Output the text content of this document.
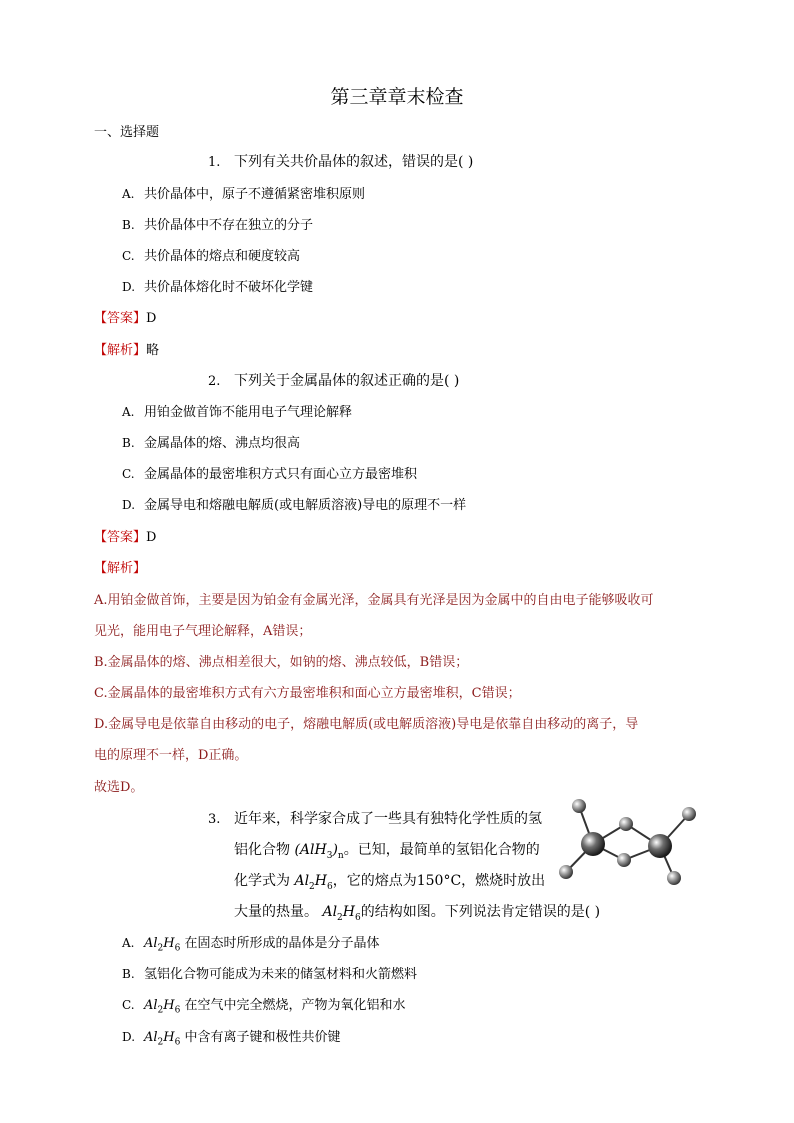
第三章章末检查
一、选择题
1. 下列有关共价晶体的叙述，错误的是( )
A. 共价晶体中，原子不遵循紧密堆积原则
B. 共价晶体中不存在独立的分子
C. 共价晶体的熔点和硬度较高
D. 共价晶体熔化时不破坏化学键
【答案】D
【解析】略
2. 下列关于金属晶体的叙述正确的是( )
A. 用铂金做首饰不能用电子气理论解释
B. 金属晶体的熔、沸点均很高
C. 金属晶体的最密堆积方式只有面心立方最密堆积
D. 金属导电和熔融电解质(或电解质溶液)导电的原理不一样
【答案】D
【解析】
A.用铂金做首饰，主要是因为铂金有金属光泽，金属具有光泽是因为金属中的自由电子能够吸收可
见光，能用电子气理论解释，A错误；
B.金属晶体的熔、沸点相差很大，如钠的熔、沸点较低，B错误；
C.金属晶体的最密堆积方式有六方最密堆积和面心立方最密堆积，C错误；
D.金属导电是依靠自由移动的电子，熔融电解质(或电解质溶液)导电是依靠自由移动的离子，导
电的原理不一样，D正确。
故选D。
3. 近年来，科学家合成了一些具有独特化学性质的氢
铝化合物 $(AlH_3)_n$。已知，最简单的氢铝化合物的
化学式为 $Al_2H_6$，它的熔点为150°C，燃烧时放出
大量的热量。 $Al_2H_6$的结构如图。下列说法肯定错误的是( )
A. $Al_2H_6$ 在固态时所形成的晶体是分子晶体
B. 氢铝化合物可能成为未来的储氢材料和火箭燃料
C. $Al_2H_6$ 在空气中完全燃烧，产物为氧化铝和水
D. $Al_2H_6$ 中含有离子键和极性共价键
